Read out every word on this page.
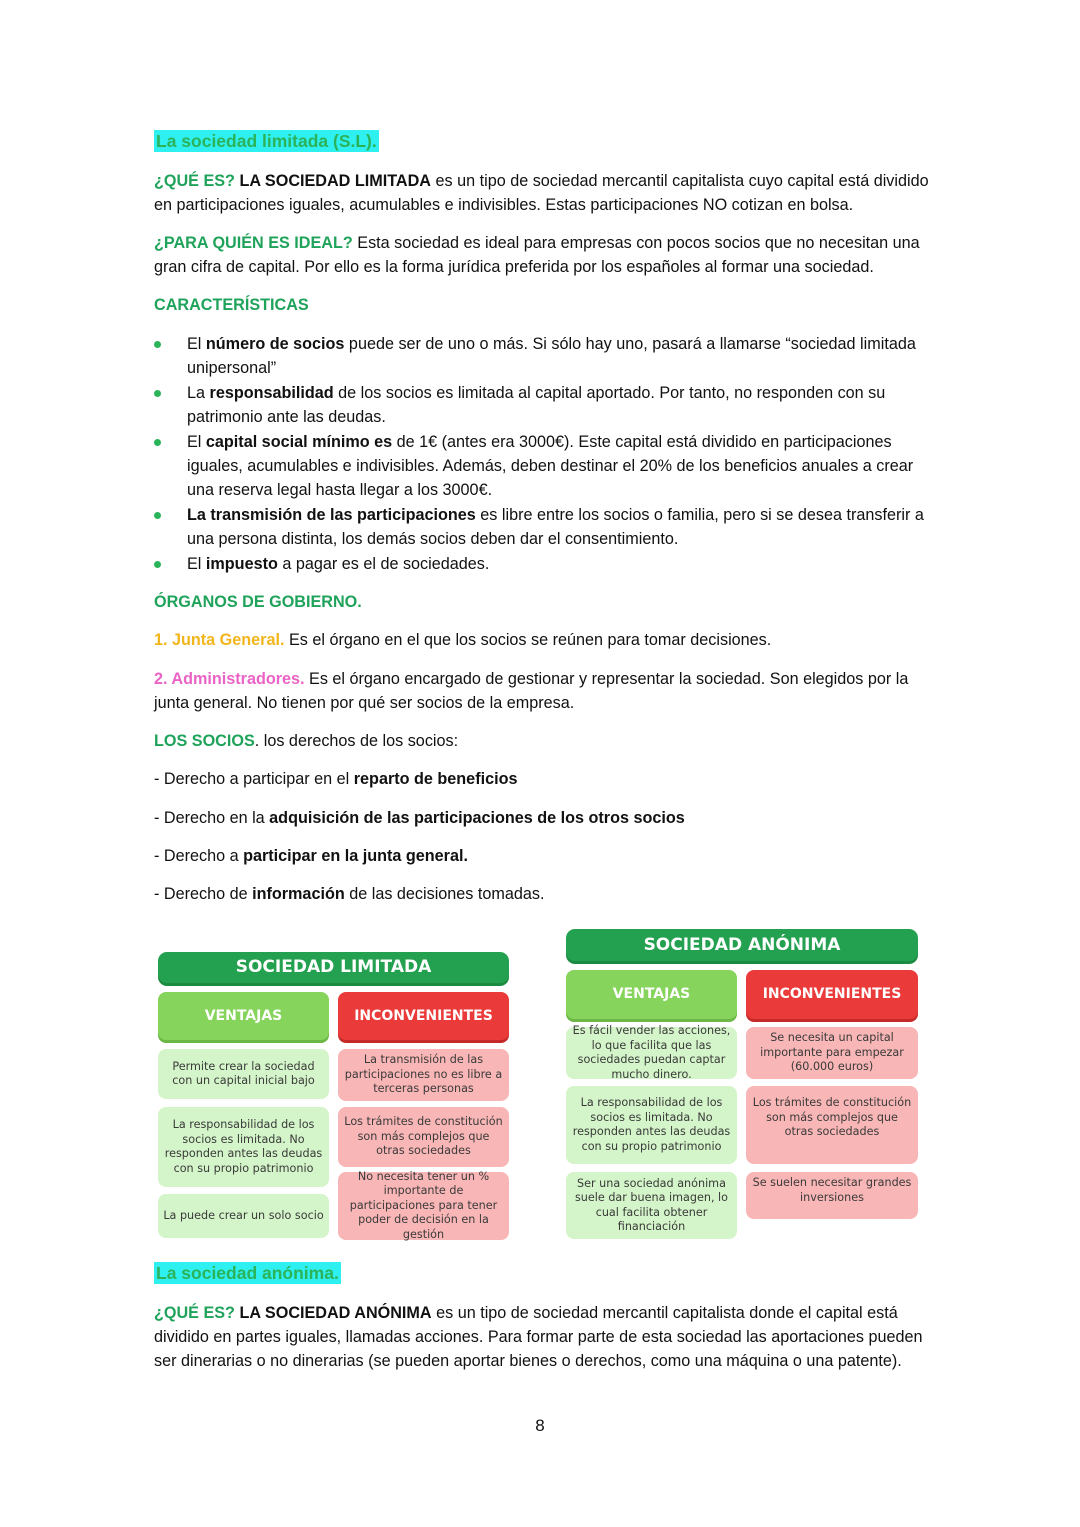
La sociedad limitada (S.L).

¿QUÉ ES? LA SOCIEDAD LIMITADA es un tipo de sociedad mercantil capitalista cuyo capital está dividido en participaciones iguales, acumulables e indivisibles. Estas participaciones NO cotizan en bolsa.

¿PARA QUIÉN ES IDEAL? Esta sociedad es ideal para empresas con pocos socios que no necesitan una gran cifra de capital. Por ello es la forma jurídica preferida por los españoles al formar una sociedad.

CARACTERÍSTICAS

El número de socios puede ser de uno o más. Si sólo hay uno, pasará a llamarse “sociedad limitada unipersonal”
La responsabilidad de los socios es limitada al capital aportado. Por tanto, no responden con su patrimonio ante las deudas.
El capital social mínimo es de 1€ (antes era 3000€). Este capital está dividido en participaciones iguales, acumulables e indivisibles. Además, deben destinar el 20% de los beneficios anuales a crear una reserva legal hasta llegar a los 3000€.
La transmisión de las participaciones es libre entre los socios o familia, pero si se desea transferir a una persona distinta, los demás socios deben dar el consentimiento.
El impuesto a pagar es el de sociedades.

ÓRGANOS DE GOBIERNO.

1. Junta General. Es el órgano en el que los socios se reúnen para tomar decisiones.

2. Administradores. Es el órgano encargado de gestionar y representar la sociedad. Son elegidos por la junta general. No tienen por qué ser socios de la empresa.

LOS SOCIOS. los derechos de los socios:

- Derecho a participar en el reparto de beneficios

- Derecho en la adquisición de las participaciones de los otros socios

- Derecho a participar en la junta general.

- Derecho de información de las decisiones tomadas.

La sociedad anónima.

¿QUÉ ES? LA SOCIEDAD ANÓNIMA es un tipo de sociedad mercantil capitalista donde el capital está dividido en partes iguales, llamadas acciones. Para formar parte de esta sociedad las aportaciones pueden ser dinerarias o no dinerarias (se pueden aportar bienes o derechos, como una máquina o una patente).

SOCIEDAD LIMITADA
VENTAJAS	INCONVENIENTES
Permite crear la sociedad con un capital inicial bajo
La responsabilidad de los socios es limitada. No responden antes las deudas con su propio patrimonio
La puede crear un solo socio
La transmisión de las participaciones no es libre a terceras personas
Los trámites de constitución son más complejos que otras sociedades
No necesita tener un % importante de participaciones para tener poder de decisión en la gestión
SOCIEDAD ANÓNIMA
VENTAJAS	INCONVENIENTES
Es fácil vender las acciones, lo que facilita que las sociedades puedan captar mucho dinero.
La responsabilidad de los socios es limitada. No responden antes las deudas con su propio patrimonio
Ser una sociedad anónima suele dar buena imagen, lo cual facilita obtener financiación
Se necesita un capital importante para empezar (60.000 euros)
Los trámites de constitución son más complejos que otras sociedades
Se suelen necesitar grandes inversiones
8
